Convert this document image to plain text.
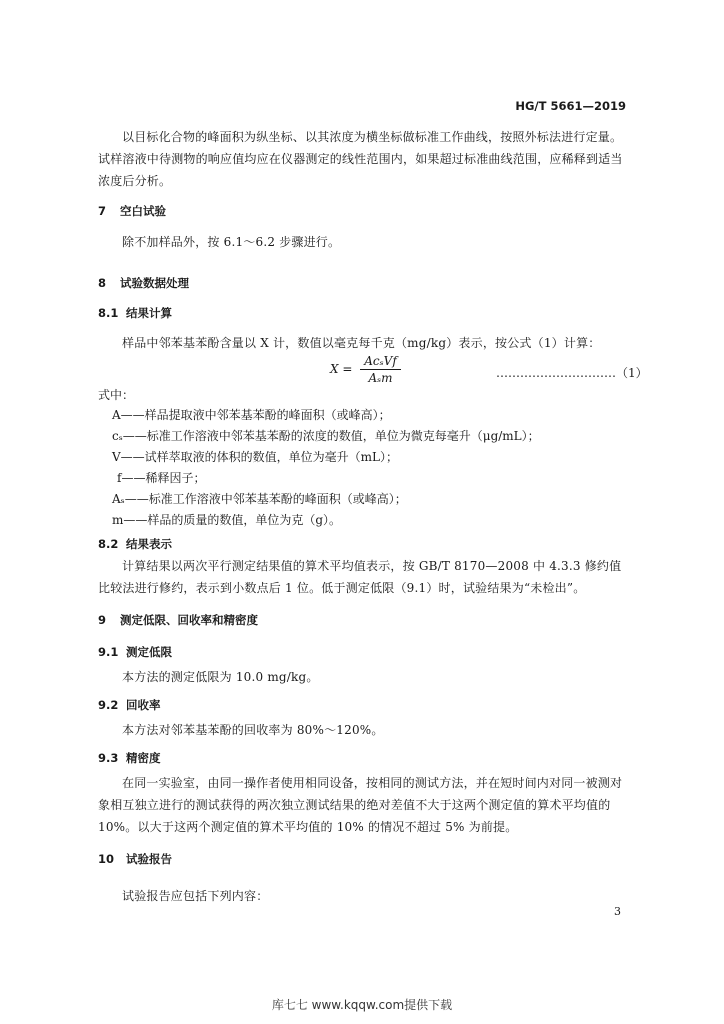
HG/T 5661—2019
以目标化合物的峰面积为纵坐标、以其浓度为横坐标做标准工作曲线，按照外标法进行定量。试样溶液中待测物的响应值均应在仪器测定的线性范围内，如果超过标准曲线范围，应稀释到适当浓度后分析。
7 空白试验
除不加样品外，按 6.1～6.2 步骤进行。
8 试验数据处理
8.1 结果计算
样品中邻苯基苯酚含量以 X 计，数值以毫克每千克（mg/kg）表示，按公式（1）计算：
$X = \frac{\text{AcₛVf}}{\text{Aₛm}}$	…………………………（1）
式中：
A——样品提取液中邻苯基苯酚的峰面积（或峰高）；
cₛ——标准工作溶液中邻苯基苯酚的浓度的数值，单位为微克每毫升（μg/mL）；
V——试样萃取液的体积的数值，单位为毫升（mL）；
f——稀释因子；
Aₛ——标准工作溶液中邻苯基苯酚的峰面积（或峰高）；
m——样品的质量的数值，单位为克（g）。
8.2 结果表示
计算结果以两次平行测定结果值的算术平均值表示，按 GB/T 8170—2008 中 4.3.3 修约值比较法进行修约，表示到小数点后 1 位。低于测定低限（9.1）时，试验结果为“未检出”。
9 测定低限、回收率和精密度
9.1 测定低限
本方法的测定低限为 10.0 mg/kg。
9.2 回收率
本方法对邻苯基苯酚的回收率为 80%～120%。
9.3 精密度
在同一实验室，由同一操作者使用相同设备，按相同的测试方法，并在短时间内对同一被测对象相互独立进行的测试获得的两次独立测试结果的绝对差值不大于这两个测定值的算术平均值的10%。以大于这两个测定值的算术平均值的 10% 的情况不超过 5% 为前提。
10 试验报告
试验报告应包括下列内容：
3
库七七 www.kqqw.com提供下载
